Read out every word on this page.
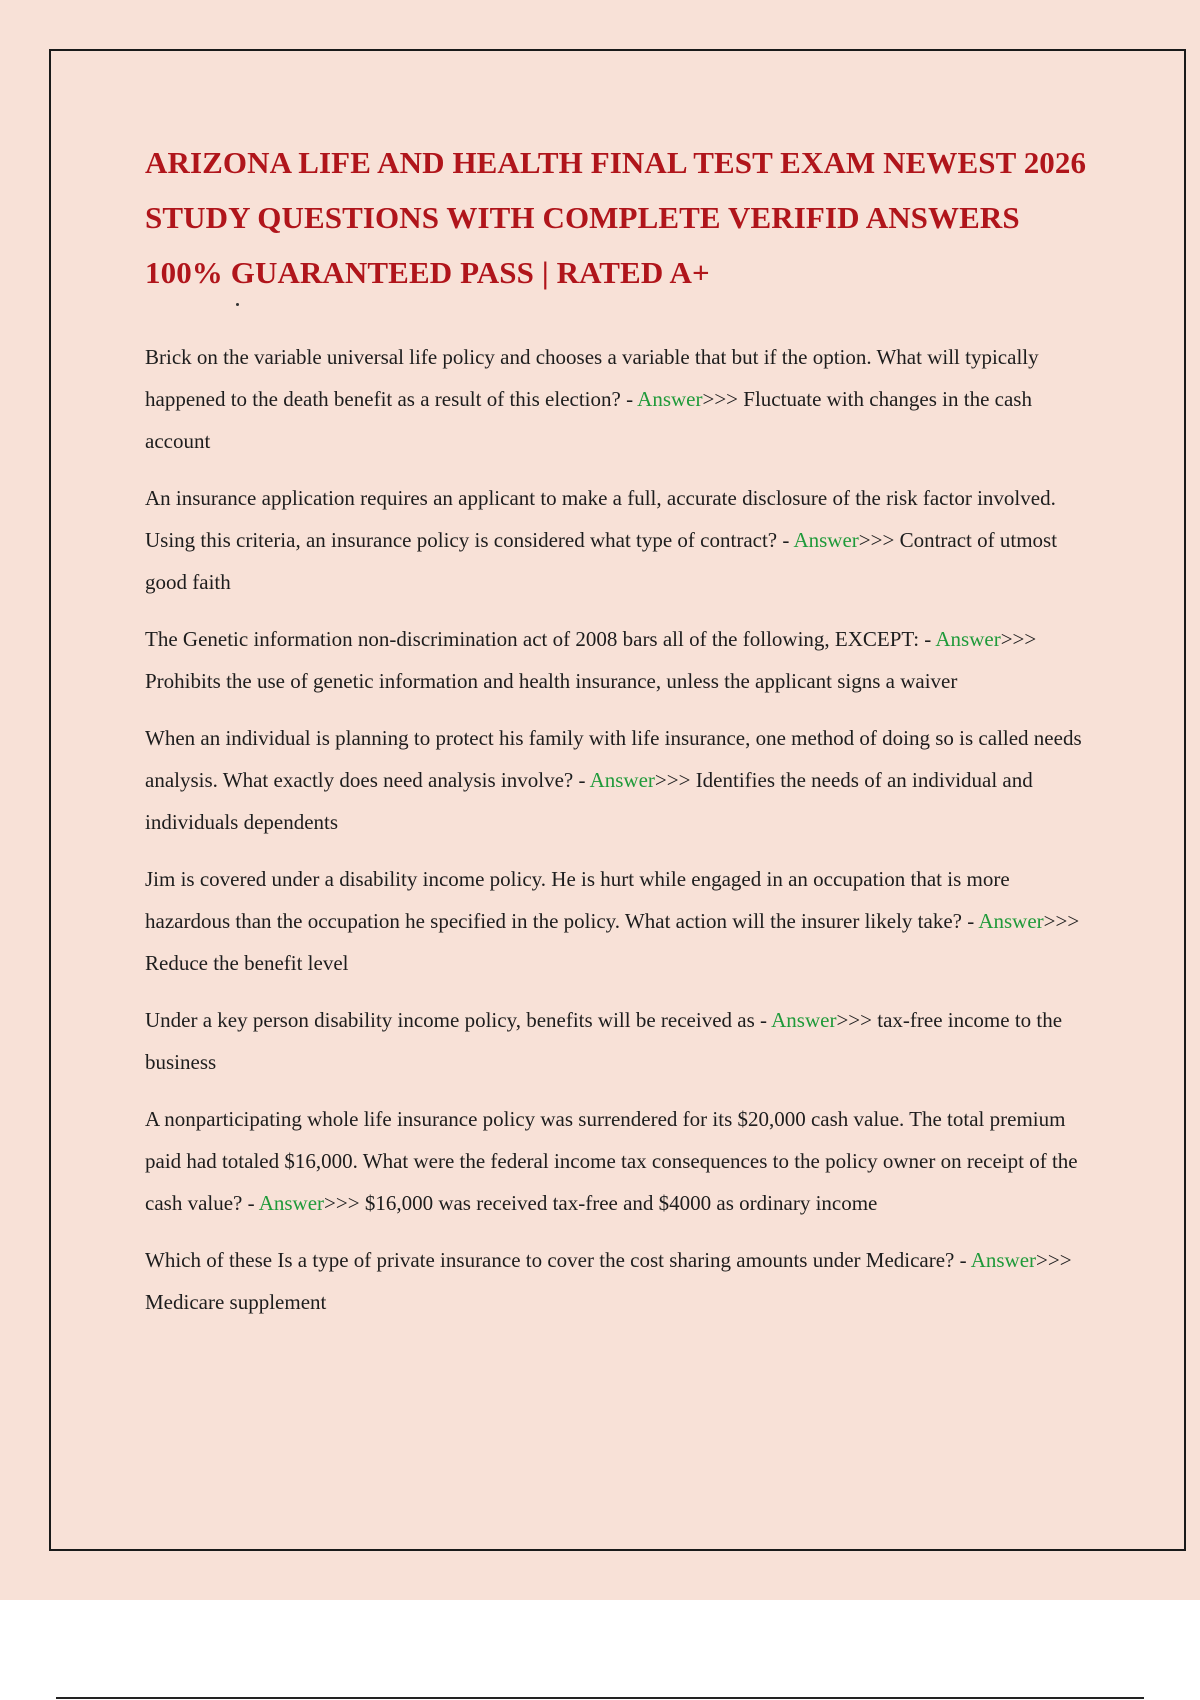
ARIZONA LIFE AND HEALTH FINAL TEST EXAM NEWEST 2026 STUDY QUESTIONS WITH COMPLETE VERIFID ANSWERS 100% GUARANTEED PASS | RATED A+

Brick on the variable universal life policy and chooses a variable that but if the option. What will typically happened to the death benefit as a result of this election? - Answer>>> Fluctuate with changes in the cash account

An insurance application requires an applicant to make a full, accurate disclosure of the risk factor involved. Using this criteria, an insurance policy is considered what type of contract? - Answer>>> Contract of utmost good faith

The Genetic information non-discrimination act of 2008 bars all of the following, EXCEPT: - Answer>>> Prohibits the use of genetic information and health insurance, unless the applicant signs a waiver

When an individual is planning to protect his family with life insurance, one method of doing so is called needs analysis. What exactly does need analysis involve? - Answer>>> Identifies the needs of an individual and individuals dependents

Jim is covered under a disability income policy. He is hurt while engaged in an occupation that is more hazardous than the occupation he specified in the policy. What action will the insurer likely take? - Answer>>> Reduce the benefit level

Under a key person disability income policy, benefits will be received as - Answer>>> tax-free income to the business

A nonparticipating whole life insurance policy was surrendered for its $20,000 cash value. The total premium paid had totaled $16,000. What were the federal income tax consequences to the policy owner on receipt of the cash value? - Answer>>> $16,000 was received tax-free and $4000 as ordinary income

Which of these Is a type of private insurance to cover the cost sharing amounts under Medicare? - Answer>>> Medicare supplement
